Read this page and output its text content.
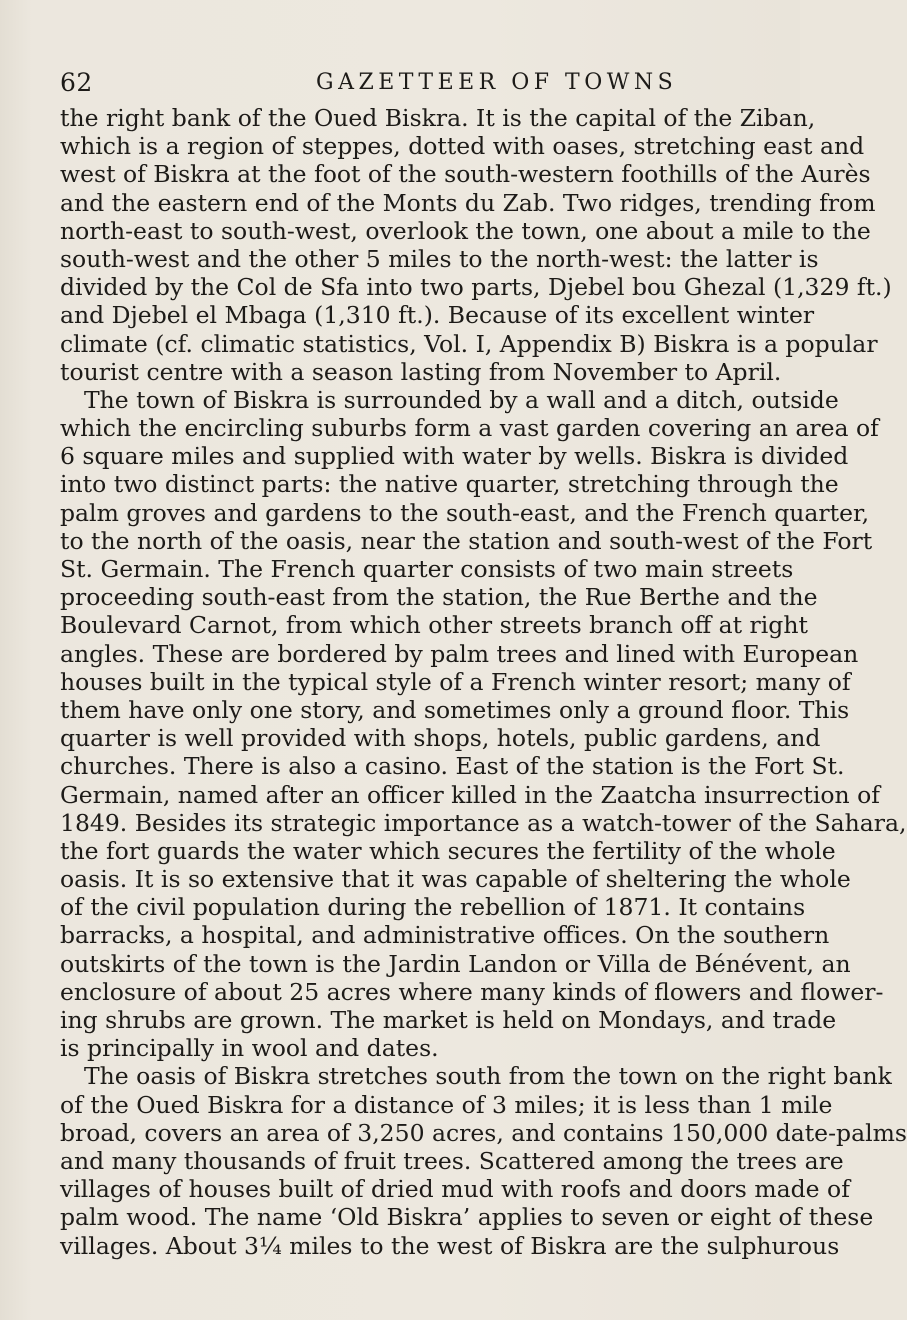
62	GAZETTEER OF TOWNS
the right bank of the Oued Biskra. It is the capital of the Ziban,
which is a region of steppes, dotted with oases, stretching east and
west of Biskra at the foot of the south-western foothills of the Aurès
and the eastern end of the Monts du Zab. Two ridges, trending from
north-east to south-west, overlook the town, one about a mile to the
south-west and the other 5 miles to the north-west: the latter is
divided by the Col de Sfa into two parts, Djebel bou Ghezal (1,329 ft.)
and Djebel el Mbaga (1,310 ft.). Because of its excellent winter
climate (cf. climatic statistics, Vol. I, Appendix B) Biskra is a popular
tourist centre with a season lasting from November to April.
The town of Biskra is surrounded by a wall and a ditch, outside
which the encircling suburbs form a vast garden covering an area of
6 square miles and supplied with water by wells. Biskra is divided
into two distinct parts: the native quarter, stretching through the
palm groves and gardens to the south-east, and the French quarter,
to the north of the oasis, near the station and south-west of the Fort
St. Germain. The French quarter consists of two main streets
proceeding south-east from the station, the Rue Berthe and the
Boulevard Carnot, from which other streets branch off at right
angles. These are bordered by palm trees and lined with European
houses built in the typical style of a French winter resort; many of
them have only one story, and sometimes only a ground floor. This
quarter is well provided with shops, hotels, public gardens, and
churches. There is also a casino. East of the station is the Fort St.
Germain, named after an officer killed in the Zaatcha insurrection of
1849. Besides its strategic importance as a watch-tower of the Sahara,
the fort guards the water which secures the fertility of the whole
oasis. It is so extensive that it was capable of sheltering the whole
of the civil population during the rebellion of 1871. It contains
barracks, a hospital, and administrative offices. On the southern
outskirts of the town is the Jardin Landon or Villa de Bénévent, an
enclosure of about 25 acres where many kinds of flowers and flower-
ing shrubs are grown. The market is held on Mondays, and trade
is principally in wool and dates.
The oasis of Biskra stretches south from the town on the right bank
of the Oued Biskra for a distance of 3 miles; it is less than 1 mile
broad, covers an area of 3,250 acres, and contains 150,000 date-palms
and many thousands of fruit trees. Scattered among the trees are
villages of houses built of dried mud with roofs and doors made of
palm wood. The name ‘Old Biskra’ applies to seven or eight of these
villages. About 3¼ miles to the west of Biskra are the sulphurous
